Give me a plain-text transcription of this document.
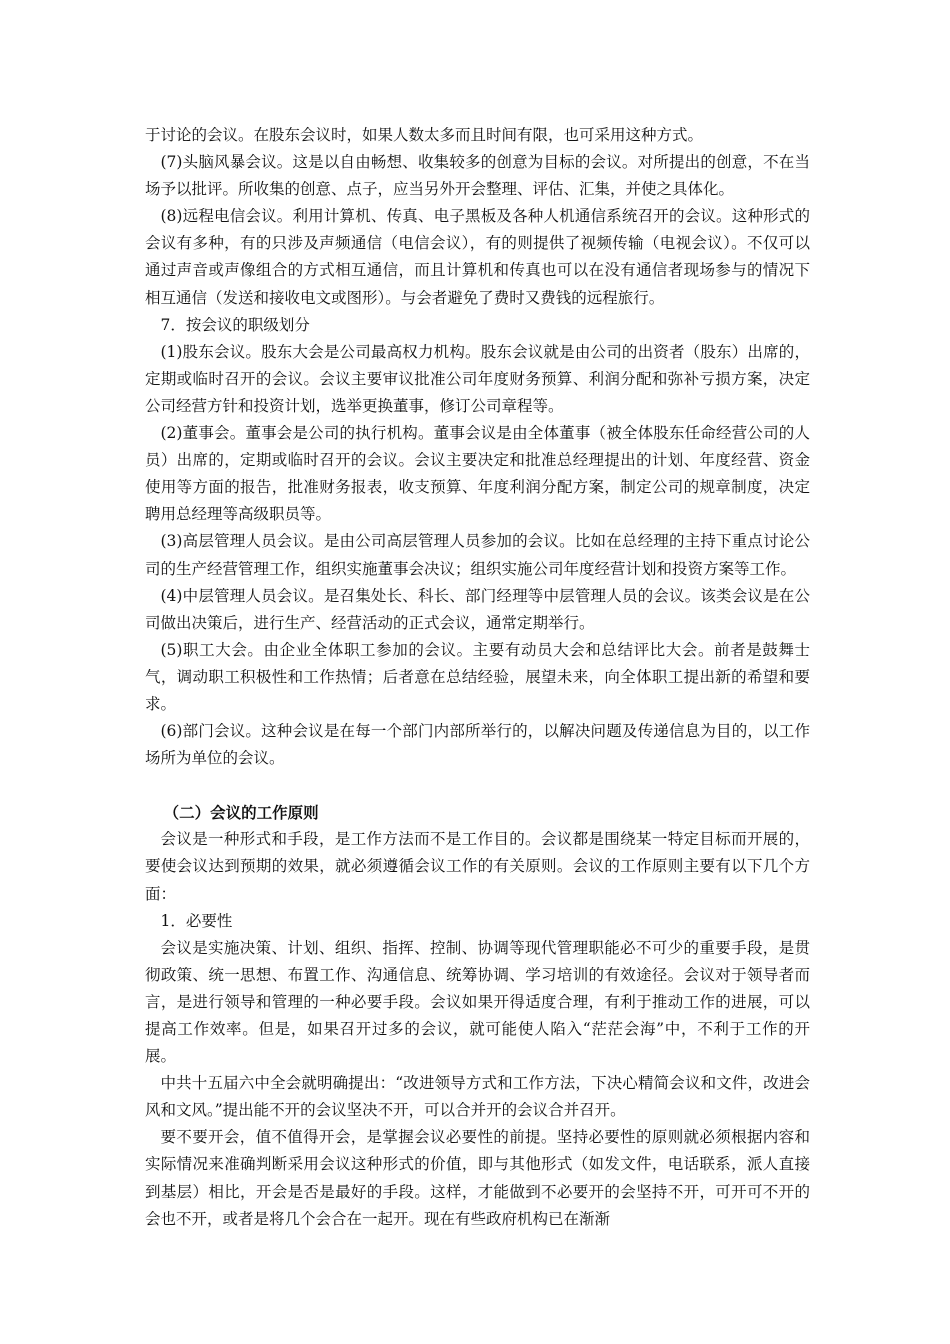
于讨论的会议。在股东会议时，如果人数太多而且时间有限，也可采用这种方式。

(7)头脑风暴会议。这是以自由畅想、收集较多的创意为目标的会议。对所提出的创意，不在当场予以批评。所收集的创意、点子，应当另外开会整理、评估、汇集，并使之具体化。

(8)远程电信会议。利用计算机、传真、电子黑板及各种人机通信系统召开的会议。这种形式的会议有多种，有的只涉及声频通信（电信会议），有的则提供了视频传输（电视会议）。不仅可以通过声音或声像组合的方式相互通信，而且计算机和传真也可以在没有通信者现场参与的情况下相互通信（发送和接收电文或图形）。与会者避免了费时又费钱的远程旅行。

7．按会议的职级划分

(1)股东会议。股东大会是公司最高权力机构。股东会议就是由公司的出资者（股东）出席的，定期或临时召开的会议。会议主要审议批准公司年度财务预算、利润分配和弥补亏损方案，决定公司经营方针和投资计划，选举更换董事，修订公司章程等。

(2)董事会。董事会是公司的执行机构。董事会议是由全体董事（被全体股东任命经营公司的人员）出席的，定期或临时召开的会议。会议主要决定和批准总经理提出的计划、年度经营、资金使用等方面的报告，批准财务报表，收支预算、年度利润分配方案，制定公司的规章制度，决定聘用总经理等高级职员等。

(3)高层管理人员会议。是由公司高层管理人员参加的会议。比如在总经理的主持下重点讨论公司的生产经营管理工作，组织实施董事会决议；组织实施公司年度经营计划和投资方案等工作。

(4)中层管理人员会议。是召集处长、科长、部门经理等中层管理人员的会议。该类会议是在公司做出决策后，进行生产、经营活动的正式会议，通常定期举行。

(5)职工大会。由企业全体职工参加的会议。主要有动员大会和总结评比大会。前者是鼓舞士气，调动职工积极性和工作热情；后者意在总结经验，展望未来，向全体职工提出新的希望和要求。

(6)部门会议。这种会议是在每一个部门内部所举行的，以解决问题及传递信息为目的，以工作场所为单位的会议。

（二）会议的工作原则

会议是一种形式和手段，是工作方法而不是工作目的。会议都是围绕某一特定目标而开展的，要使会议达到预期的效果，就必须遵循会议工作的有关原则。会议的工作原则主要有以下几个方面：

1．必要性

会议是实施决策、计划、组织、指挥、控制、协调等现代管理职能必不可少的重要手段，是贯彻政策、统一思想、布置工作、沟通信息、统筹协调、学习培训的有效途径。会议对于领导者而言，是进行领导和管理的一种必要手段。会议如果开得适度合理，有利于推动工作的进展，可以提高工作效率。但是，如果召开过多的会议，就可能使人陷入“茫茫会海”中，不利于工作的开展。

中共十五届六中全会就明确提出：“改进领导方式和工作方法，下决心精简会议和文件，改进会风和文风。”提出能不开的会议坚决不开，可以合并开的会议合并召开。

要不要开会，值不值得开会，是掌握会议必要性的前提。坚持必要性的原则就必须根据内容和实际情况来准确判断采用会议这种形式的价值，即与其他形式（如发文件，电话联系，派人直接到基层）相比，开会是否是最好的手段。这样，才能做到不必要开的会坚持不开，可开可不开的会也不开，或者是将几个会合在一起开。现在有些政府机构已在渐渐
